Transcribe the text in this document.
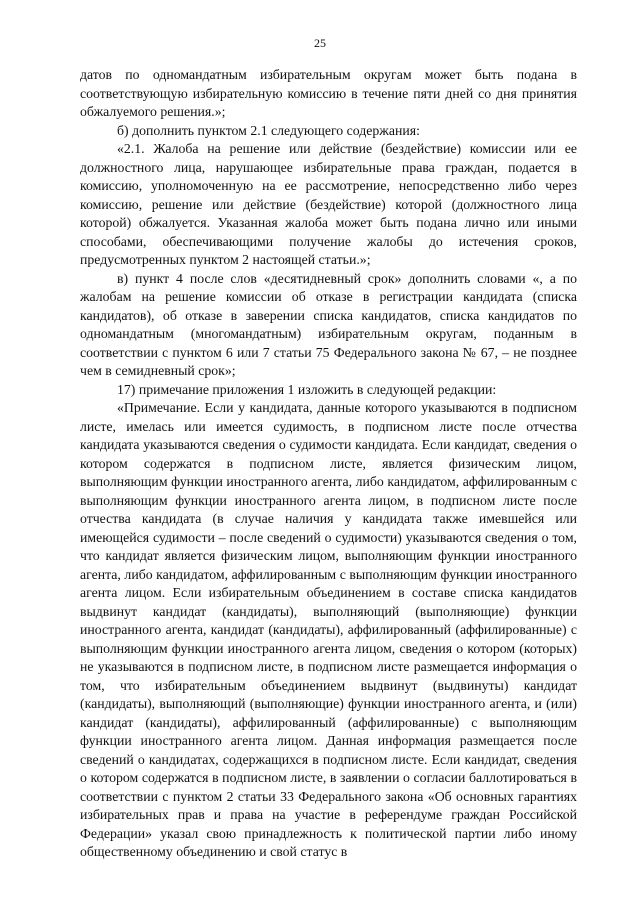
25

датов по одномандатным избирательным округам может быть подана в соответствующую избирательную комиссию в течение пяти дней со дня принятия обжалуемого решения.»;

б) дополнить пунктом 2.1 следующего содержания:

«2.1. Жалоба на решение или действие (бездействие) комиссии или ее должностного лица, нарушающее избирательные права граждан, подается в комиссию, уполномоченную на ее рассмотрение, непосредственно либо через комиссию, решение или действие (бездействие) которой (должностного лица которой) обжалуется. Указанная жалоба может быть подана лично или иными способами, обеспечивающими получение жалобы до истечения сроков, предусмотренных пунктом 2 настоящей статьи.»;

в) пункт 4 после слов «десятидневный срок» дополнить словами «, а по жалобам на решение комиссии об отказе в регистрации кандидата (списка кандидатов), об отказе в заверении списка кандидатов, списка кандидатов по одномандатным (многомандатным) избирательным округам, поданным в соответствии с пунктом 6 или 7 статьи 75 Федерального закона № 67, – не позднее чем в семидневный срок»;

17) примечание приложения 1 изложить в следующей редакции:

«Примечание. Если у кандидата, данные которого указываются в подписном листе, имелась или имеется судимость, в подписном листе после отчества кандидата указываются сведения о судимости кандидата. Если кандидат, сведения о котором содержатся в подписном листе, является физическим лицом, выполняющим функции иностранного агента, либо кандидатом, аффилированным с выполняющим функции иностранного агента лицом, в подписном листе после отчества кандидата (в случае наличия у кандидата также имевшейся или имеющейся судимости – после сведений о судимости) указываются сведения о том, что кандидат является физическим лицом, выполняющим функции иностранного агента, либо кандидатом, аффилированным с выполняющим функции иностранного агента лицом. Если избирательным объединением в составе списка кандидатов выдвинут кандидат (кандидаты), выполняющий (выполняющие) функции иностранного агента, кандидат (кандидаты), аффилированный (аффилированные) с выполняющим функции иностранного агента лицом, сведения о котором (которых) не указываются в подписном листе, в подписном листе размещается информация о том, что избирательным объединением выдвинут (выдвинуты) кандидат (кандидаты), выполняющий (выполняющие) функции иностранного агента, и (или) кандидат (кандидаты), аффилированный (аффилированные) с выполняющим функции иностранного агента лицом. Данная информация размещается после сведений о кандидатах, содержащихся в подписном листе. Если кандидат, сведения о котором содержатся в подписном листе, в заявлении о согласии баллотироваться в соответствии с пунктом 2 статьи 33 Федерального закона «Об основных гарантиях избирательных прав и права на участие в референдуме граждан Российской Федерации» указал свою принадлежность к политической партии либо иному общественному объединению и свой статус в
